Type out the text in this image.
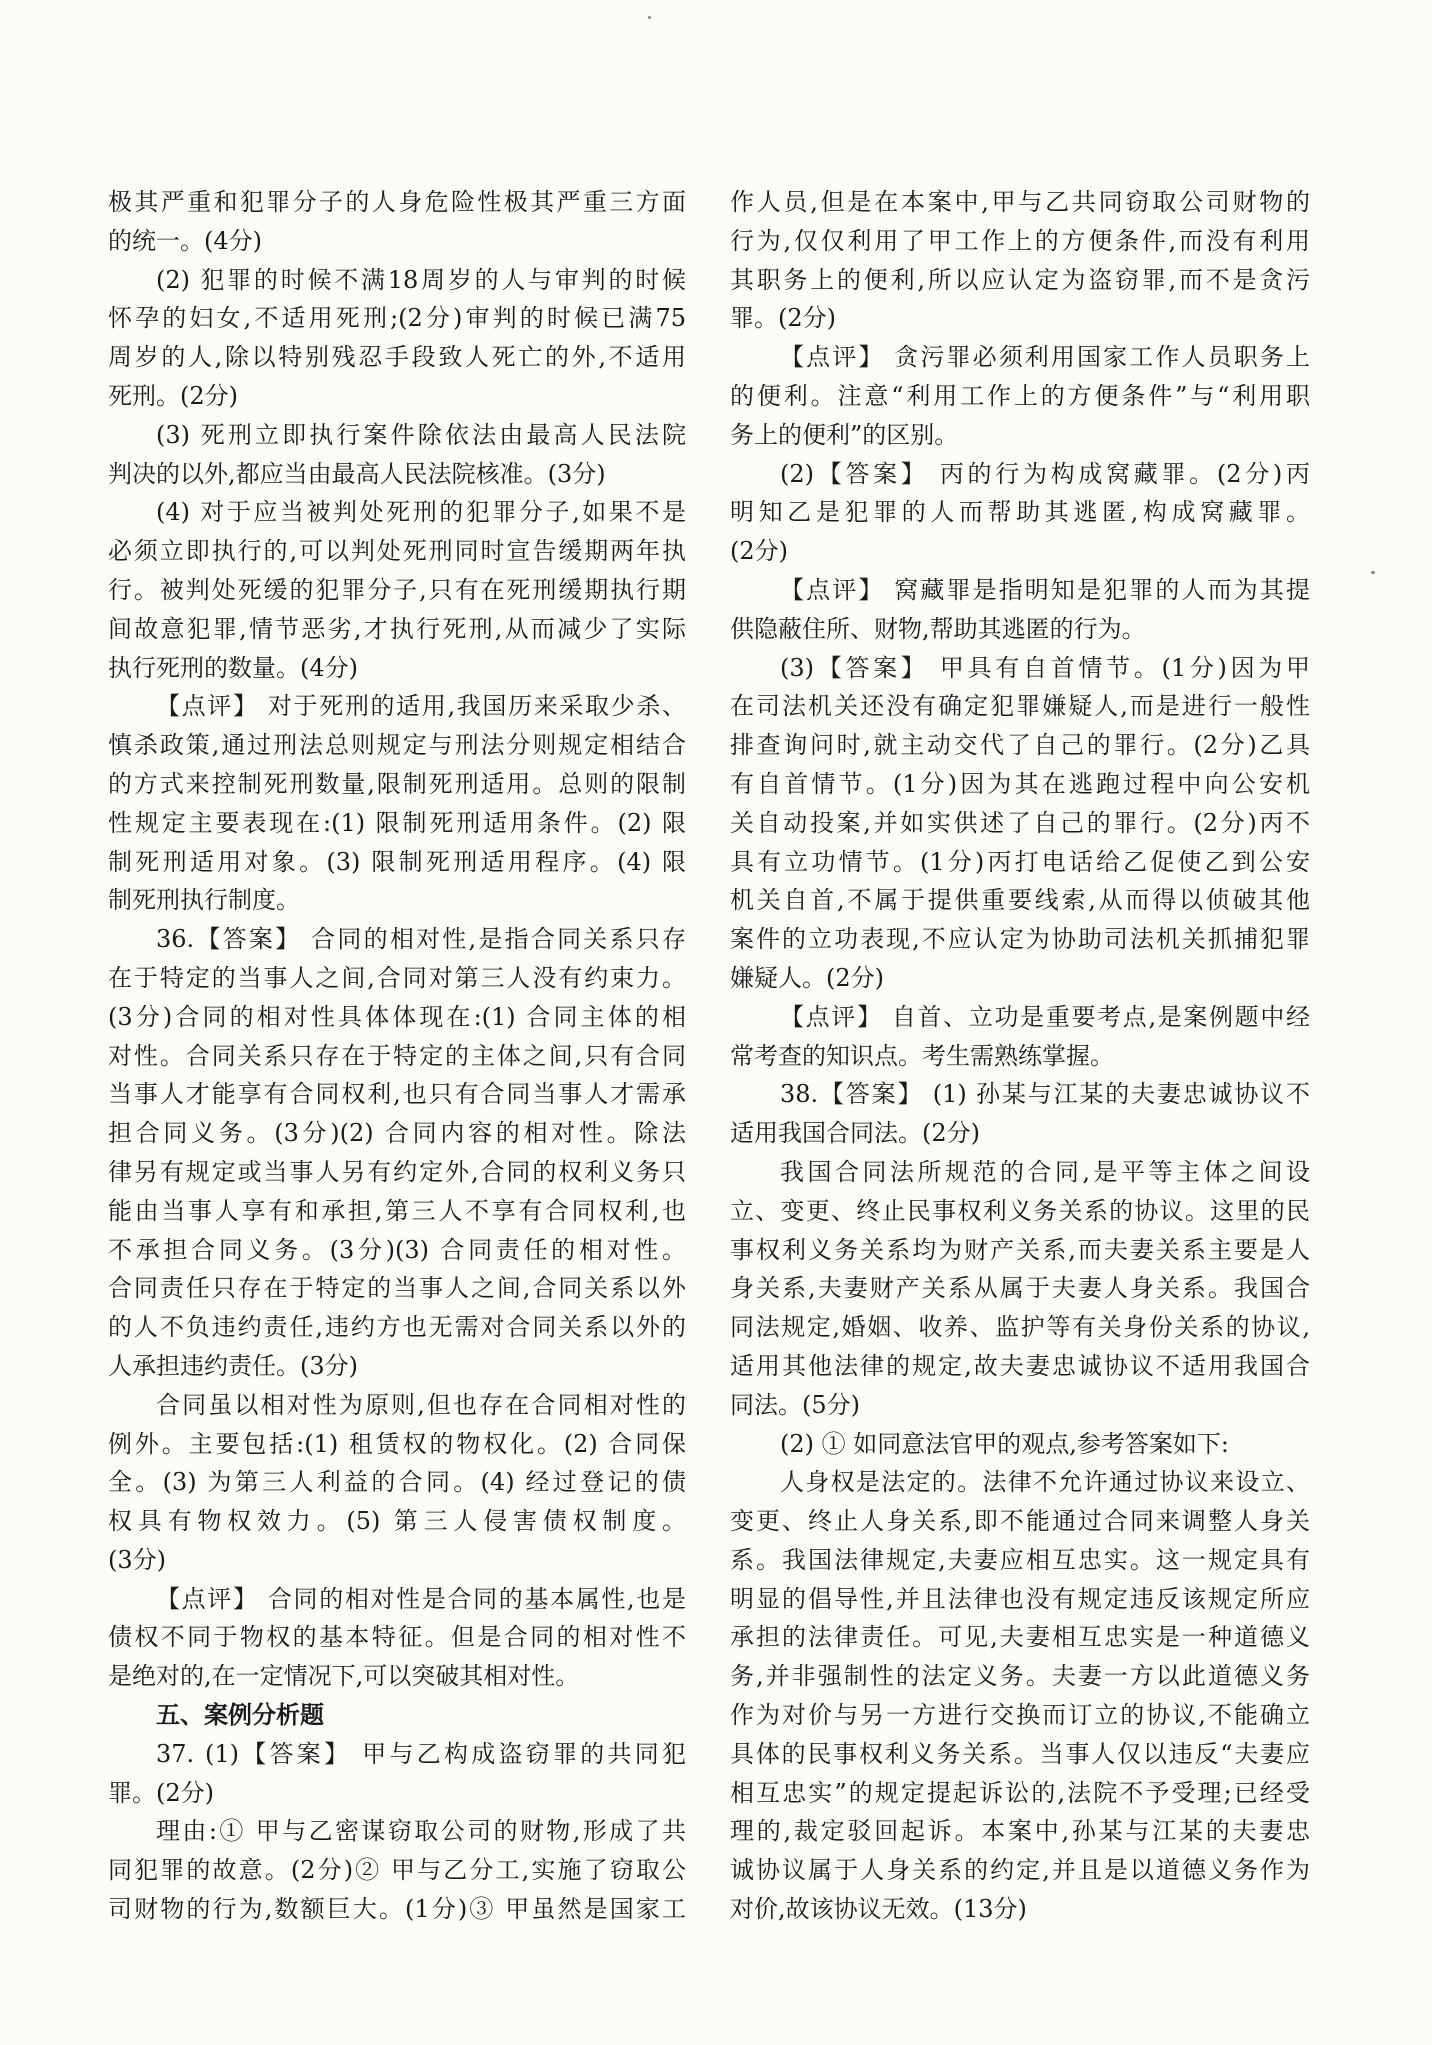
极其严重和犯罪分子的人身危险性极其严重三方面
的统一。(4分)
(2) 犯罪的时候不满18周岁的人与审判的时候
怀孕的妇女,不适用死刑;(2分)审判的时候已满75
周岁的人,除以特别残忍手段致人死亡的外,不适用
死刑。(2分)
(3) 死刑立即执行案件除依法由最高人民法院
判决的以外,都应当由最高人民法院核准。(3分)
(4) 对于应当被判处死刑的犯罪分子,如果不是
必须立即执行的,可以判处死刑同时宣告缓期两年执
行。被判处死缓的犯罪分子,只有在死刑缓期执行期
间故意犯罪,情节恶劣,才执行死刑,从而减少了实际
执行死刑的数量。(4分)
【点评】 对于死刑的适用,我国历来采取少杀、
慎杀政策,通过刑法总则规定与刑法分则规定相结合
的方式来控制死刑数量,限制死刑适用。总则的限制
性规定主要表现在:(1) 限制死刑适用条件。(2) 限
制死刑适用对象。(3) 限制死刑适用程序。(4) 限
制死刑执行制度。
36.【答案】 合同的相对性,是指合同关系只存
在于特定的当事人之间,合同对第三人没有约束力。
(3分)合同的相对性具体体现在:(1) 合同主体的相
对性。合同关系只存在于特定的主体之间,只有合同
当事人才能享有合同权利,也只有合同当事人才需承
担合同义务。(3分)(2) 合同内容的相对性。除法
律另有规定或当事人另有约定外,合同的权利义务只
能由当事人享有和承担,第三人不享有合同权利,也
不承担合同义务。(3分)(3) 合同责任的相对性。
合同责任只存在于特定的当事人之间,合同关系以外
的人不负违约责任,违约方也无需对合同关系以外的
人承担违约责任。(3分)
合同虽以相对性为原则,但也存在合同相对性的
例外。主要包括:(1) 租赁权的物权化。(2) 合同保
全。(3) 为第三人利益的合同。(4) 经过登记的债
权具有物权效力。(5) 第三人侵害债权制度。
(3分)
【点评】 合同的相对性是合同的基本属性,也是
债权不同于物权的基本特征。但是合同的相对性不
是绝对的,在一定情况下,可以突破其相对性。
五、案例分析题
37. (1)【答案】 甲与乙构成盗窃罪的共同犯
罪。(2分)
理由:① 甲与乙密谋窃取公司的财物,形成了共
同犯罪的故意。(2分)② 甲与乙分工,实施了窃取公
司财物的行为,数额巨大。(1分)③ 甲虽然是国家工
作人员,但是在本案中,甲与乙共同窃取公司财物的
行为,仅仅利用了甲工作上的方便条件,而没有利用
其职务上的便利,所以应认定为盗窃罪,而不是贪污
罪。(2分)
【点评】 贪污罪必须利用国家工作人员职务上
的便利。注意“利用工作上的方便条件”与“利用职
务上的便利”的区别。
(2)【答案】 丙的行为构成窝藏罪。(2分)丙
明知乙是犯罪的人而帮助其逃匿,构成窝藏罪。
(2分)
【点评】 窝藏罪是指明知是犯罪的人而为其提
供隐蔽住所、财物,帮助其逃匿的行为。
(3)【答案】 甲具有自首情节。(1分)因为甲
在司法机关还没有确定犯罪嫌疑人,而是进行一般性
排查询问时,就主动交代了自己的罪行。(2分)乙具
有自首情节。(1分)因为其在逃跑过程中向公安机
关自动投案,并如实供述了自己的罪行。(2分)丙不
具有立功情节。(1分)丙打电话给乙促使乙到公安
机关自首,不属于提供重要线索,从而得以侦破其他
案件的立功表现,不应认定为协助司法机关抓捕犯罪
嫌疑人。(2分)
【点评】 自首、立功是重要考点,是案例题中经
常考查的知识点。考生需熟练掌握。
38.【答案】 (1) 孙某与江某的夫妻忠诚协议不
适用我国合同法。(2分)
我国合同法所规范的合同,是平等主体之间设
立、变更、终止民事权利义务关系的协议。这里的民
事权利义务关系均为财产关系,而夫妻关系主要是人
身关系,夫妻财产关系从属于夫妻人身关系。我国合
同法规定,婚姻、收养、监护等有关身份关系的协议,
适用其他法律的规定,故夫妻忠诚协议不适用我国合
同法。(5分)
(2) ① 如同意法官甲的观点,参考答案如下:
人身权是法定的。法律不允许通过协议来设立、
变更、终止人身关系,即不能通过合同来调整人身关
系。我国法律规定,夫妻应相互忠实。这一规定具有
明显的倡导性,并且法律也没有规定违反该规定所应
承担的法律责任。可见,夫妻相互忠实是一种道德义
务,并非强制性的法定义务。夫妻一方以此道德义务
作为对价与另一方进行交换而订立的协议,不能确立
具体的民事权利义务关系。当事人仅以违反“夫妻应
相互忠实”的规定提起诉讼的,法院不予受理;已经受
理的,裁定驳回起诉。本案中,孙某与江某的夫妻忠
诚协议属于人身关系的约定,并且是以道德义务作为
对价,故该协议无效。(13分)
